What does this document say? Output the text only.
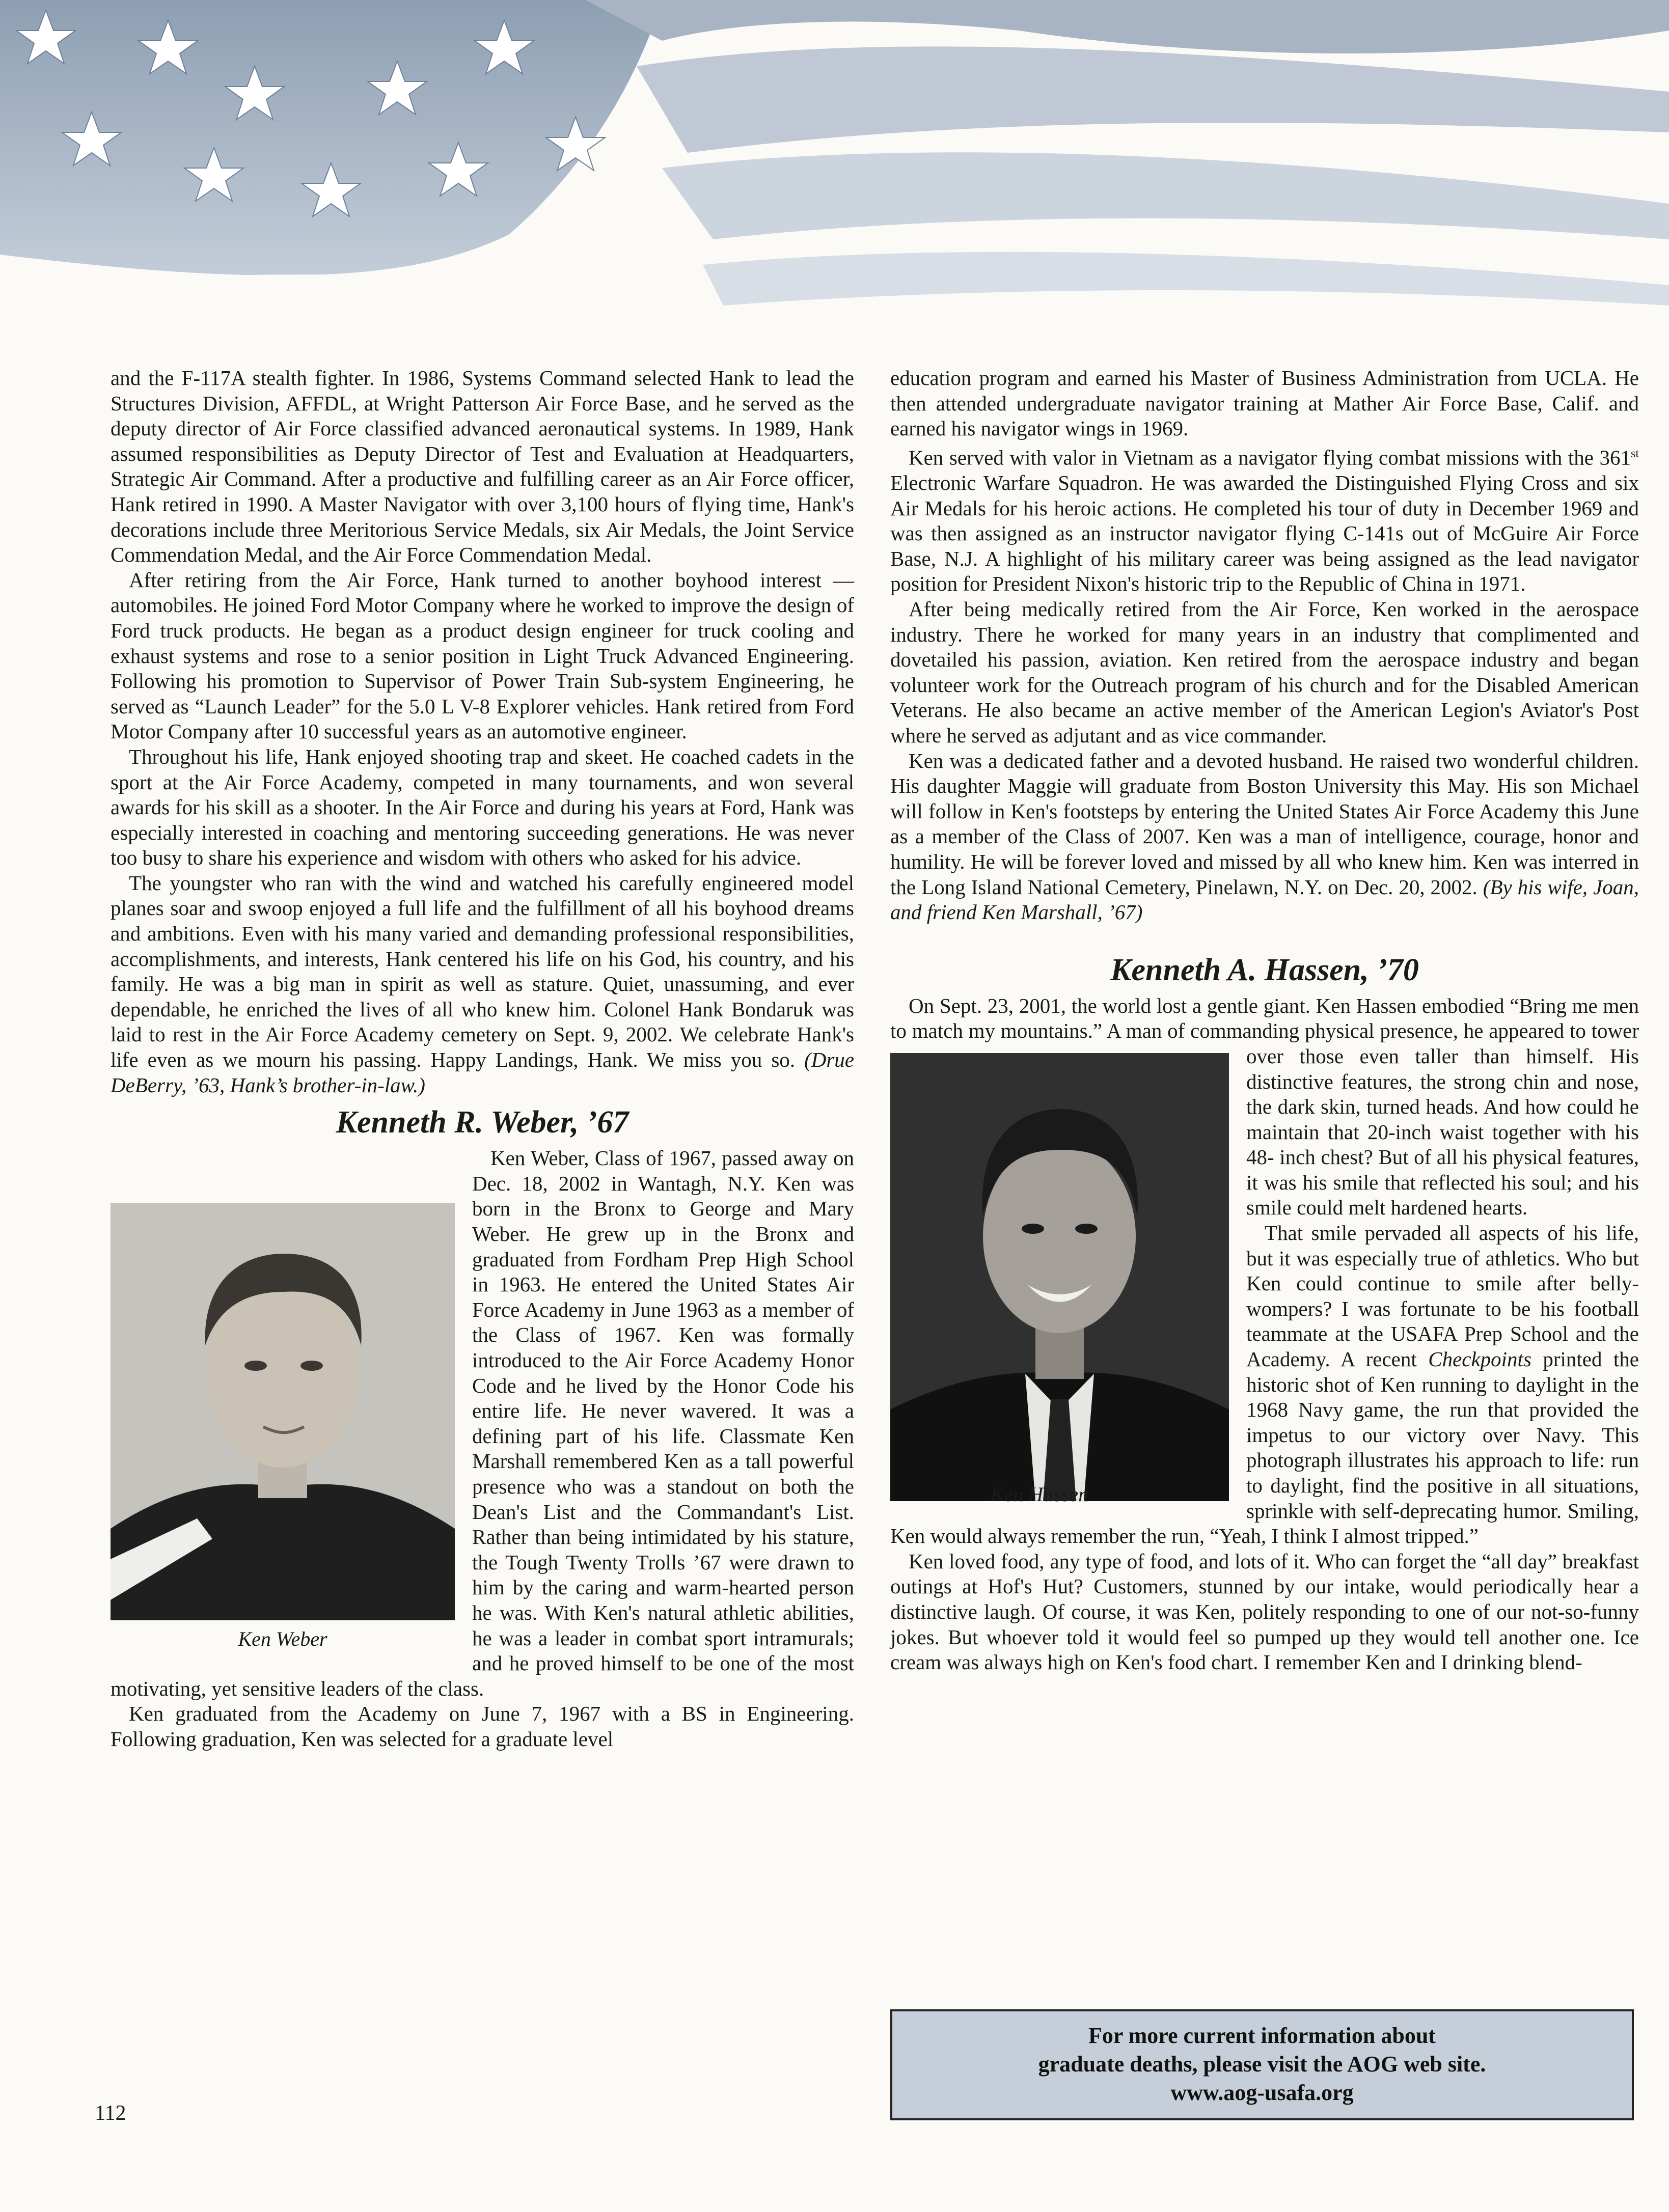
and the F-117A stealth fighter. In 1986, Systems Command selected Hank to lead the Structures Division, AFFDL, at Wright Patterson Air Force Base, and he served as the deputy director of Air Force classified advanced aeronautical systems. In 1989, Hank assumed responsibilities as Deputy Director of Test and Evaluation at Headquarters, Strategic Air Command. After a productive and fulfilling career as an Air Force officer, Hank retired in 1990. A Master Navigator with over 3,100 hours of flying time, Hank's decorations include three Meritorious Service Medals, six Air Medals, the Joint Service Commendation Medal, and the Air Force Commendation Medal.

After retiring from the Air Force, Hank turned to another boyhood interest — automobiles. He joined Ford Motor Company where he worked to improve the design of Ford truck products. He began as a product design engineer for truck cooling and exhaust systems and rose to a senior position in Light Truck Advanced Engineering. Following his promotion to Supervisor of Power Train Sub-system Engineering, he served as “Launch Leader” for the 5.0 L V-8 Explorer vehicles. Hank retired from Ford Motor Company after 10 successful years as an automotive engineer.

Throughout his life, Hank enjoyed shooting trap and skeet. He coached cadets in the sport at the Air Force Academy, competed in many tournaments, and won several awards for his skill as a shooter. In the Air Force and during his years at Ford, Hank was especially interested in coaching and mentoring succeeding generations. He was never too busy to share his experience and wisdom with others who asked for his advice.

The youngster who ran with the wind and watched his carefully engineered model planes soar and swoop enjoyed a full life and the fulfillment of all his boyhood dreams and ambitions. Even with his many varied and demanding professional responsibilities, accomplishments, and interests, Hank centered his life on his God, his country, and his family. He was a big man in spirit as well as stature. Quiet, unassuming, and ever dependable, he enriched the lives of all who knew him. Colonel Hank Bondaruk was laid to rest in the Air Force Academy cemetery on Sept. 9, 2002. We celebrate Hank's life even as we mourn his passing. Happy Landings, Hank. We miss you so. (Drue DeBerry, ’63, Hank’s brother-in-law.)

Kenneth R. Weber, ’67
Ken Weber

Ken Weber, Class of 1967, passed away on Dec. 18, 2002 in Wantagh, N.Y. Ken was born in the Bronx to George and Mary Weber. He grew up in the Bronx and graduated from Fordham Prep High School in 1963. He entered the United States Air Force Academy in June 1963 as a member of the Class of 1967. Ken was formally introduced to the Air Force Academy Honor Code and he lived by the Honor Code his entire life. He never wavered. It was a defining part of his life. Classmate Ken Marshall remembered Ken as a tall powerful presence who was a standout on both the Dean's List and the Commandant's List. Rather than being intimidated by his stature, the Tough Twenty Trolls ’67 were drawn to him by the caring and warm-hearted person he was. With Ken's natural athletic abilities, he was a leader in combat sport intramurals; and he proved himself to be one of the most motivating, yet sensitive leaders of the class.

Ken graduated from the Academy on June 7, 1967 with a BS in Engineering. Following graduation, Ken was selected for a graduate level

education program and earned his Master of Business Administration from UCLA. He then attended undergraduate navigator training at Mather Air Force Base, Calif. and earned his navigator wings in 1969.

Ken served with valor in Vietnam as a navigator flying combat missions with the 361st Electronic Warfare Squadron. He was awarded the Distinguished Flying Cross and six Air Medals for his heroic actions. He completed his tour of duty in December 1969 and was then assigned as an instructor navigator flying C-141s out of McGuire Air Force Base, N.J. A highlight of his military career was being assigned as the lead navigator position for President Nixon's historic trip to the Republic of China in 1971.

After being medically retired from the Air Force, Ken worked in the aerospace industry. There he worked for many years in an industry that complimented and dovetailed his passion, aviation. Ken retired from the aerospace industry and began volunteer work for the Outreach program of his church and for the Disabled American Veterans. He also became an active member of the American Legion's Aviator's Post where he served as adjutant and as vice commander.

Ken was a dedicated father and a devoted husband. He raised two wonderful children. His daughter Maggie will graduate from Boston University this May. His son Michael will follow in Ken's footsteps by entering the United States Air Force Academy this June as a member of the Class of 2007. Ken was a man of intelligence, courage, honor and humility. He will be forever loved and missed by all who knew him. Ken was interred in the Long Island National Cemetery, Pinelawn, N.Y. on Dec. 20, 2002. (By his wife, Joan, and friend Ken Marshall, ’67)

Kenneth A. Hassen, ’70

On Sept. 23, 2001, the world lost a gentle giant. Ken Hassen embodied “Bring me men to match my mountains.” A man of commanding physical presence, he appeared to tower over those even taller than himself.
Ken Hassen
His distinctive features, the strong chin and nose, the dark skin, turned heads. And how could he maintain that 20-inch waist together with his 48- inch chest? But of all his physical features, it was his smile that reflected his soul; and his smile could melt hardened hearts.

That smile pervaded all aspects of his life, but it was especially true of athletics. Who but Ken could continue to smile after belly-wompers? I was fortunate to be his football teammate at the USAFA Prep School and the Academy. A recent Checkpoints printed the historic shot of Ken running to daylight in the 1968 Navy game, the run that provided the impetus to our victory over Navy. This photograph illustrates his approach to life: run to daylight, find the positive in all situations, sprinkle with self-deprecating humor. Smiling, Ken would always remember the run, “Yeah, I think I almost tripped.”

Ken loved food, any type of food, and lots of it. Who can forget the “all day” breakfast outings at Hof's Hut? Customers, stunned by our intake, would periodically hear a distinctive laugh. Of course, it was Ken, politely responding to one of our not-so-funny jokes. But whoever told it would feel so pumped up they would tell another one. Ice cream was always high on Ken's food chart. I remember Ken and I drinking blend-

For more current information about
graduate deaths, please visit the AOG web site.
www.aog-usafa.org
112
